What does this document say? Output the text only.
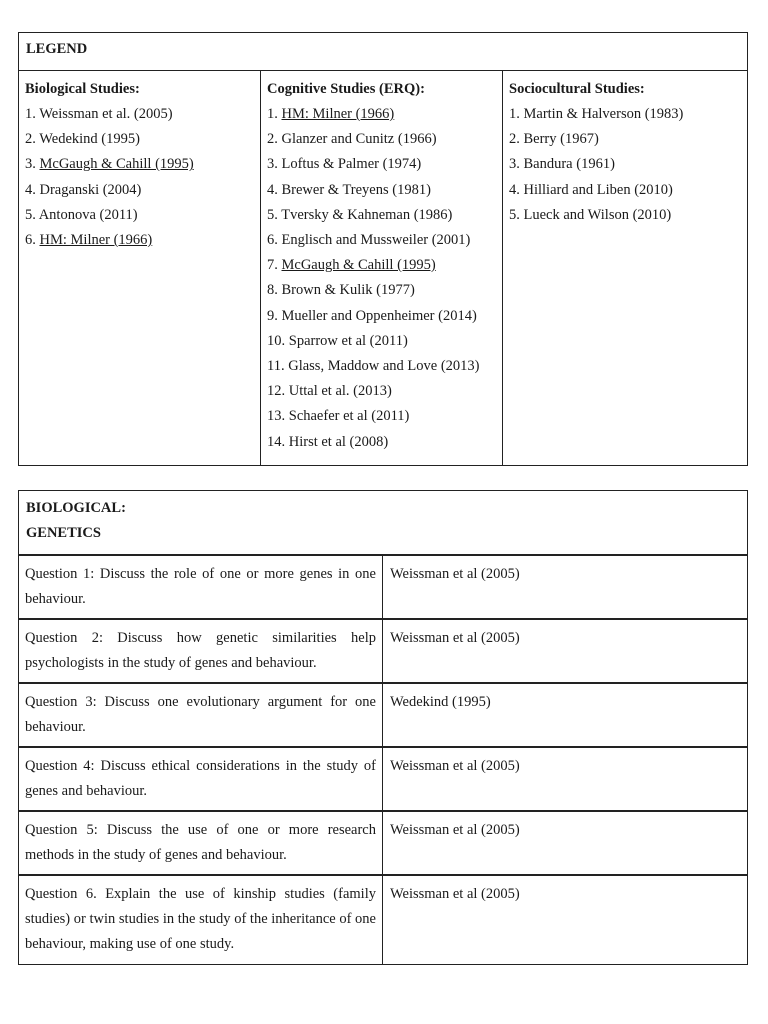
LEGEND

Biological Studies:
1. Weissman et al. (2005)
2. Wedekind (1995)
3. McGaugh & Cahill (1995)
4. Draganski (2004)
5. Antonova (2011)
6. HM: Milner (1966)

Cognitive Studies (ERQ):
1. HM: Milner (1966)
2. Glanzer and Cunitz (1966)
3. Loftus & Palmer (1974)
4. Brewer & Treyens (1981)
5. Tversky & Kahneman (1986)
6. Englisch and Mussweiler (2001)
7. McGaugh & Cahill (1995)
8. Brown & Kulik (1977)
9. Mueller and Oppenheimer (2014)
10. Sparrow et al (2011)
11. Glass, Maddow and Love (2013)
12. Uttal et al. (2013)
13. Schaefer et al (2011)
14. Hirst et al (2008)

Sociocultural Studies:
1. Martin & Halverson (1983)
2. Berry (1967)
3. Bandura (1961)
4. Hilliard and Liben (2010)
5. Lueck and Wilson (2010)
BIOLOGICAL:
GENETICS	

Question 1: Discuss the role of one or more genes in one behaviour.	Weissman et al (2005)
Question 2: Discuss how genetic similarities help psychologists in the study of genes and behaviour.	Weissman et al (2005)
Question 3: Discuss one evolutionary argument for one behaviour.	Wedekind (1995)
Question 4: Discuss ethical considerations in the study of genes and behaviour.	Weissman et al (2005)
Question 5: Discuss the use of one or more research methods in the study of genes and behaviour.	Weissman et al (2005)
Question 6. Explain the use of kinship studies (family studies) or twin studies in the study of the inheritance of one behaviour, making use of one study.	Weissman et al (2005)
